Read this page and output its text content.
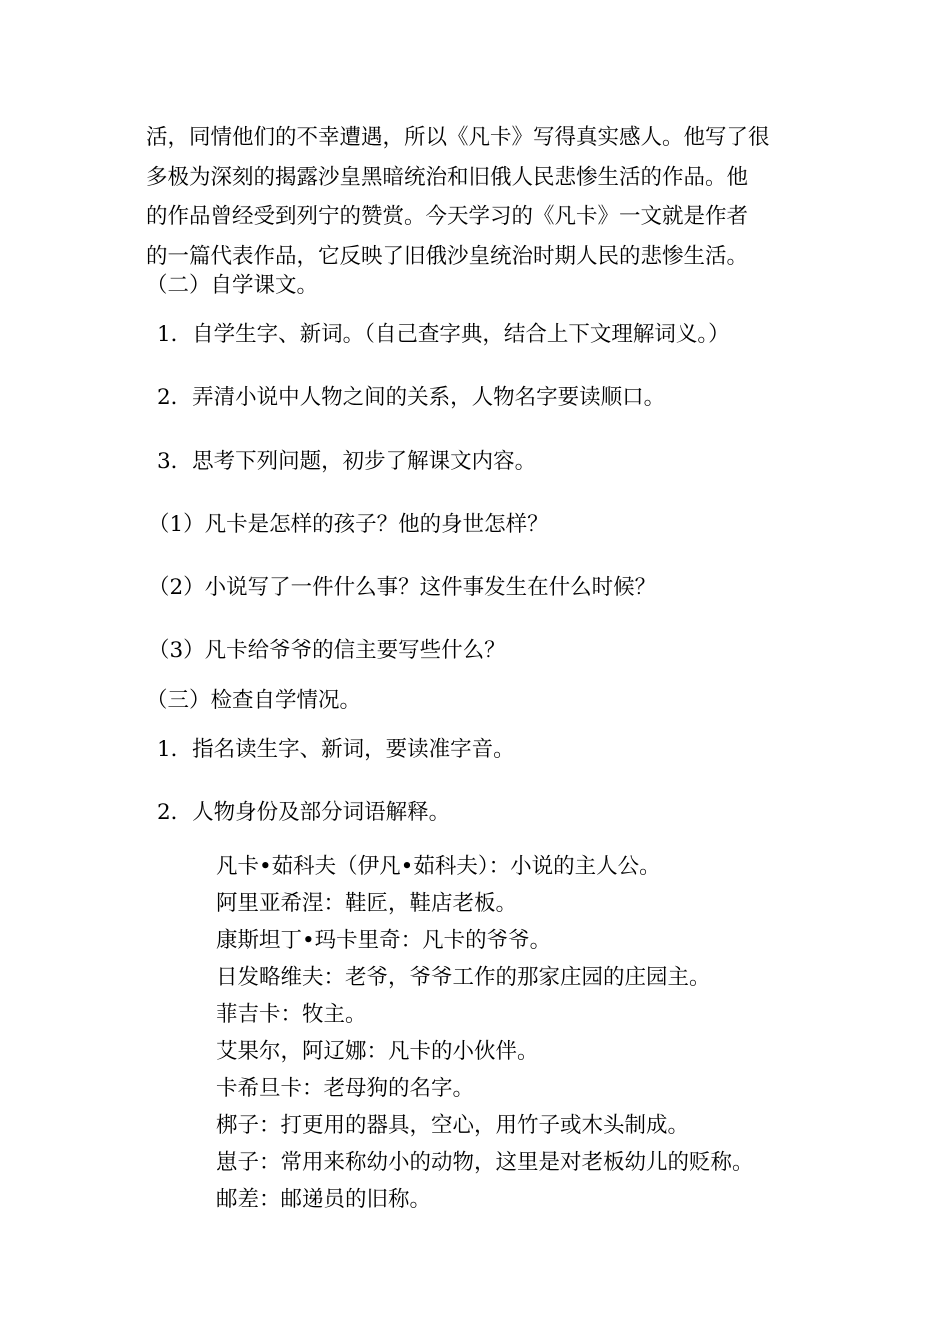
活，同情他们的不幸遭遇，所以《凡卡》写得真实感人。他写了很
多极为深刻的揭露沙皇黑暗统治和旧俄人民悲惨生活的作品。他
的作品曾经受到列宁的赞赏。今天学习的《凡卡》一文就是作者
的一篇代表作品，它反映了旧俄沙皇统治时期人民的悲惨生活。
（二）自学课文。
1．自学生字、新词。（自己查字典，结合上下文理解词义。）
2．弄清小说中人物之间的关系，人物名字要读顺口。
3．思考下列问题，初步了解课文内容。
（1）凡卡是怎样的孩子？他的身世怎样？
（2）小说写了一件什么事？这件事发生在什么时候？
（3）凡卡给爷爷的信主要写些什么？
（三）检查自学情况。
1．指名读生字、新词，要读准字音。
2．人物身份及部分词语解释。
凡卡•茹科夫（伊凡•茹科夫）：小说的主人公。
阿里亚希涅：鞋匠，鞋店老板。
康斯坦丁•玛卡里奇：凡卡的爷爷。
日发略维夫：老爷，爷爷工作的那家庄园的庄园主。
菲吉卡：牧主。
艾果尔，阿辽娜：凡卡的小伙伴。
卡希旦卡：老母狗的名字。
梆子：打更用的器具，空心，用竹子或木头制成。
崽子：常用来称幼小的动物，这里是对老板幼儿的贬称。
邮差：邮递员的旧称。
